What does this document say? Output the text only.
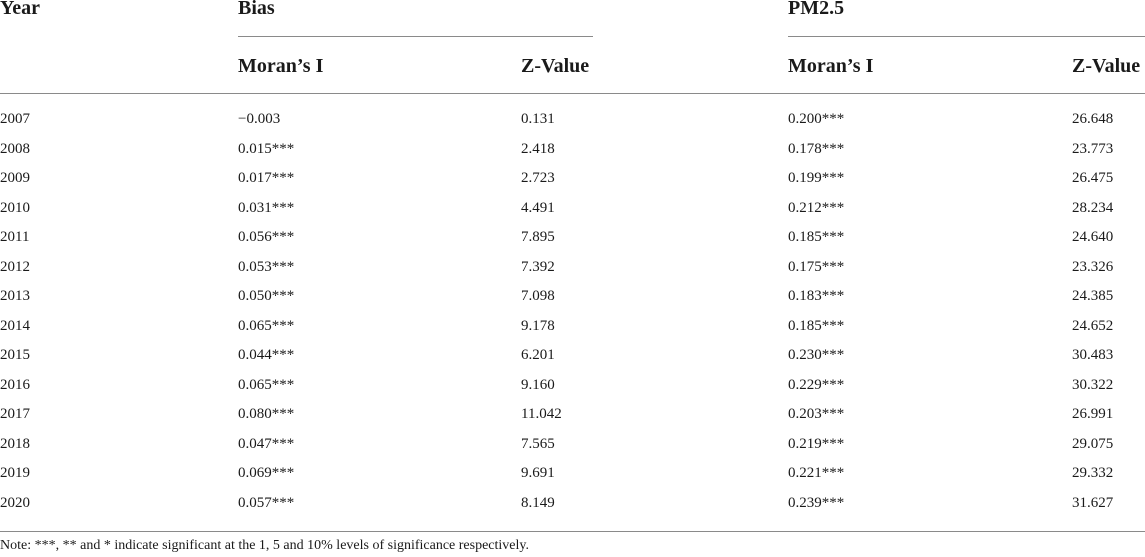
Year	Bias	PM2.5
Moran’s I	Z-Value	Moran’s I	Z-Value
2007	−0.003	0.131	0.200***	26.648
2008	0.015***	2.418	0.178***	23.773
2009	0.017***	2.723	0.199***	26.475
2010	0.031***	4.491	0.212***	28.234
2011	0.056***	7.895	0.185***	24.640
2012	0.053***	7.392	0.175***	23.326
2013	0.050***	7.098	0.183***	24.385
2014	0.065***	9.178	0.185***	24.652
2015	0.044***	6.201	0.230***	30.483
2016	0.065***	9.160	0.229***	30.322
2017	0.080***	11.042	0.203***	26.991
2018	0.047***	7.565	0.219***	29.075
2019	0.069***	9.691	0.221***	29.332
2020	0.057***	8.149	0.239***	31.627
Note: ***, ** and * indicate significant at the 1, 5 and 10% levels of significance respectively.
